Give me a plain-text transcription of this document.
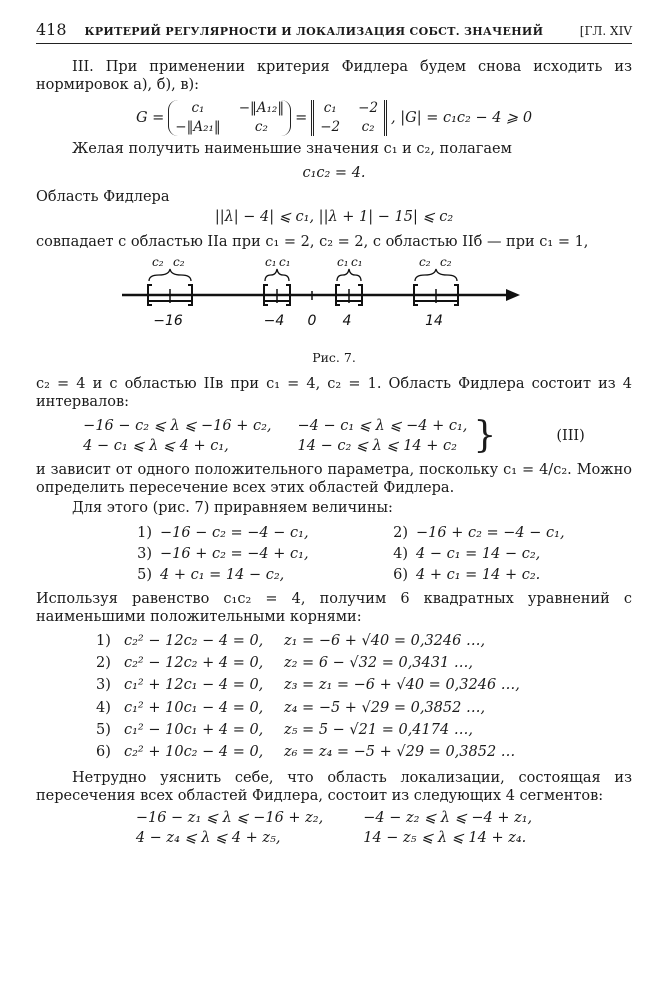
418 КРИТЕРИЙ РЕГУЛЯРНОСТИ И ЛОКАЛИЗАЦИЯ СОБСТ. ЗНАЧЕНИЙ	[ГЛ. XIV

III. При применении критерия Фидлера будем снова исходить из нормировок а), б), в):

G =
c₁	−‖A₁₂‖
−‖A₂₁‖	c₂
=
c₁ −2
−2 c₂
, |G| = c₁c₂ − 4 ⩾ 0

Желая получить наименьшие значения c₁ и c₂, полагаем

c₁c₂ = 4.

Область Фидлера

||λ| − 4| ⩽ c₁, ||λ + 1| − 15| ⩽ c₂

совпадает с областью IIа при c₁ = 2, c₂ = 2, с областью IIб — при c₁ = 1,

c₂ c₂	c₁ c₁	c₁ c₁	c₂ c₂
−16	−4 0 4	14
Рис. 7.

c₂ = 4 и с областью IIв при c₁ = 4, c₂ = 1. Область Фидлера состоит из 4 интервалов:

−16 − c₂ ⩽ λ ⩽ −16 + c₂, −4 − c₁ ⩽ λ ⩽ −4 + c₁,
4 − c₁ ⩽ λ ⩽ 4 + c₁,	14 − c₂ ⩽ λ ⩽ 14 + c₂ }	(III)

и зависит от одного положительного параметра, поскольку c₁ = 4/c₂. Можно определить пересечение всех этих областей Фидлера.

Для этого (рис. 7) приравняем величины:

1) −16 − c₂ = −4 − c₁,	2) −16 + c₂ = −4 − c₁,
3) −16 + c₂ = −4 + c₁,	4) 4 − c₁ = 14 − c₂,
5) 4 + c₁ = 14 − c₂,	6) 4 + c₁ = 14 + c₂.

Используя равенство c₁c₂ = 4, получим 6 квадратных уравнений с наименьшими положительными корнями:

1) c₂² − 12c₂ − 4 = 0,	z₁ = −6 + √40 = 0,3246 …,
2) c₂² − 12c₂ + 4 = 0,	z₂ = 6 − √32 = 0,3431 …,
3) c₁² + 12c₁ − 4 = 0,	z₃ = z₁ = −6 + √40 = 0,3246 …,
4) c₁² + 10c₁ − 4 = 0,	z₄ = −5 + √29 = 0,3852 …,
5) c₁² − 10c₁ + 4 = 0,	z₅ = 5 − √21 = 0,4174 …,
6) c₂² + 10c₂ − 4 = 0,	z₆ = z₄ = −5 + √29 = 0,3852 …

Нетрудно уяснить себе, что область локализации, состоящая из пересечения всех областей Фидлера, состоит из следующих 4 сегментов:

−16 − z₁ ⩽ λ ⩽ −16 + z₂,	−4 − z₂ ⩽ λ ⩽ −4 + z₁,
4 − z₄ ⩽ λ ⩽ 4 + z₅,	14 − z₅ ⩽ λ ⩽ 14 + z₄.
